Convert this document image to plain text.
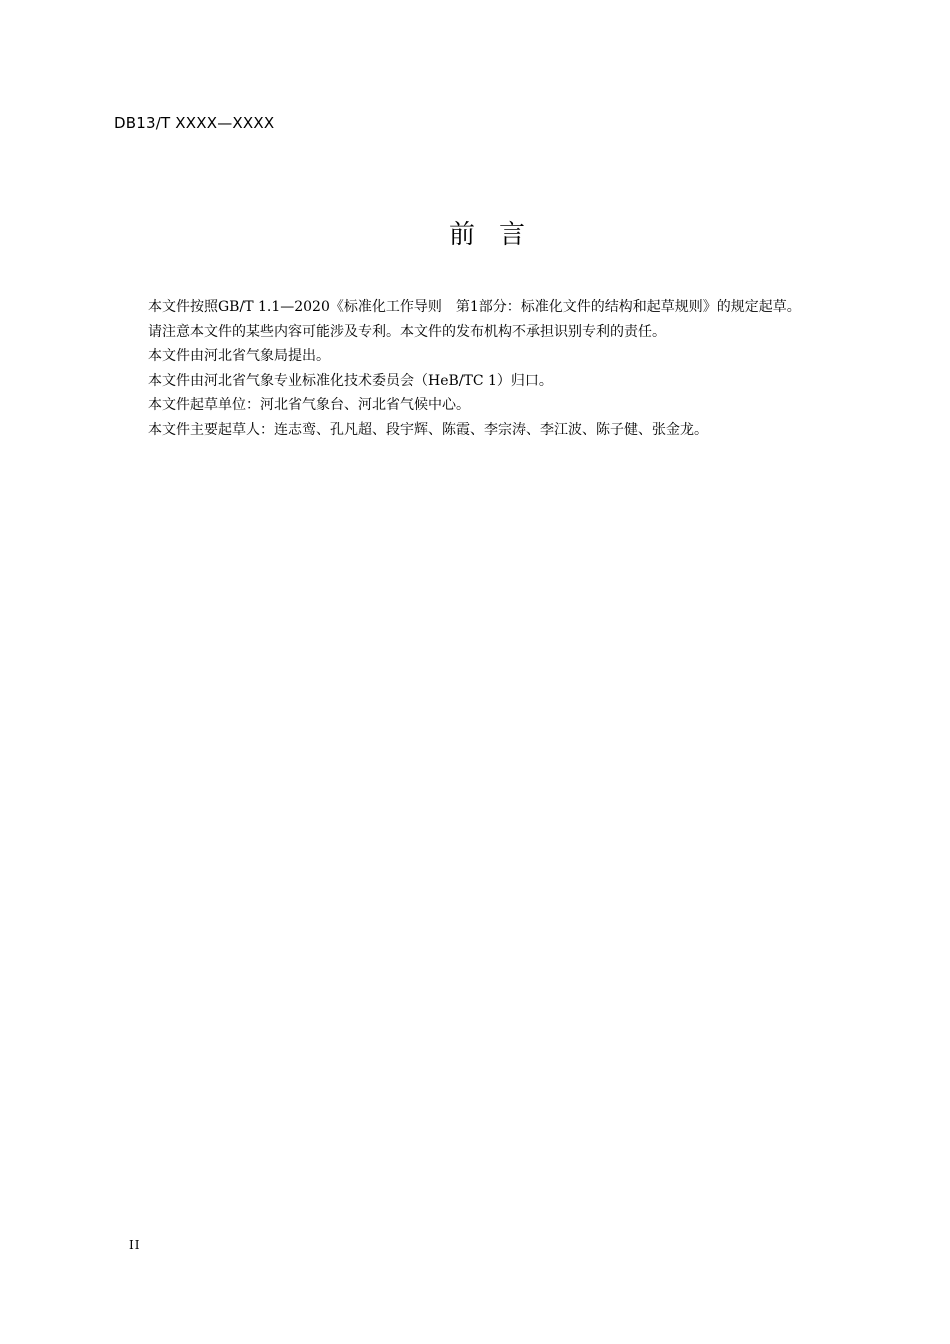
DB13/T XXXX—XXXX
前言

本文件按照GB/T 1.1—2020《标准化工作导则　第1部分：标准化文件的结构和起草规则》的规定起草。

请注意本文件的某些内容可能涉及专利。本文件的发布机构不承担识别专利的责任。

本文件由河北省气象局提出。

本文件由河北省气象专业标准化技术委员会（HeB/TC 1）归口。

本文件起草单位：河北省气象台、河北省气候中心。

本文件主要起草人：连志鸾、孔凡超、段宇辉、陈霞、李宗涛、李江波、陈子健、张金龙。

II
